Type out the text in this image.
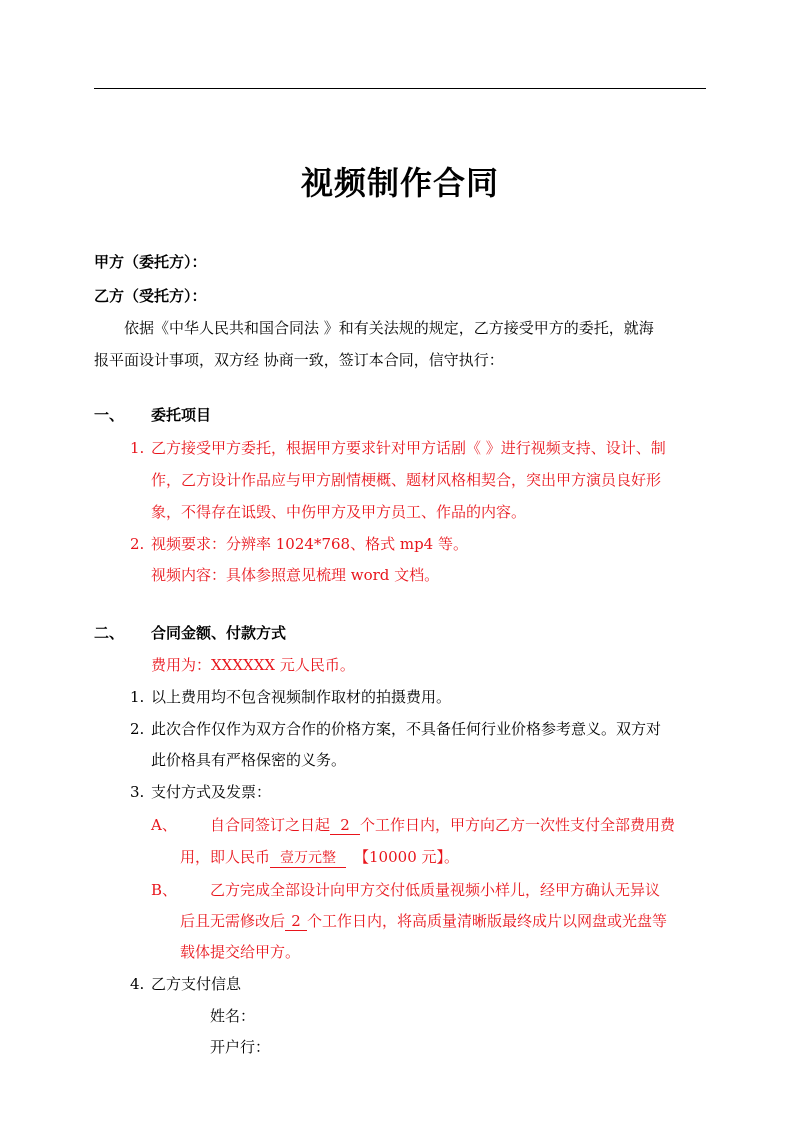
视频制作合同
甲方（委托方）：
乙方（受托方）：
依据《中华人民共和国合同法 》和有关法规的规定，乙方接受甲方的委托，就海
报平面设计事项，双方经 协商一致，签订本合同，信守执行：
一、 委托项目
1. 乙方接受甲方委托，根据甲方要求针对甲方话剧《 》进行视频支持、设计、制
作，乙方设计作品应与甲方剧情梗概、题材风格相契合，突出甲方演员良好形
象，不得存在诋毁、中伤甲方及甲方员工、作品的内容。
2. 视频要求：分辨率 1024*768、格式 mp4 等。
视频内容：具体参照意见梳理 word 文档。
二、 合同金额、付款方式
费用为：XXXXXX 元人民币。
1. 以上费用均不包含视频制作取材的拍摄费用。
2. 此次合作仅作为双方合作的价格方案，不具备任何行业价格参考意义。双方对
此价格具有严格保密的义务。
3. 支付方式及发票：
A、 自合同签订之日起 2 个工作日内，甲方向乙方一次性支付全部费用费
用，即人民币 壹万元整 【10000 元】。
B、 乙方完成全部设计向甲方交付低质量视频小样儿，经甲方确认无异议
后且无需修改后 2 个工作日内，将高质量清晰版最终成片以网盘或光盘等
载体提交给甲方。
4. 乙方支付信息
姓名：
开户行：
